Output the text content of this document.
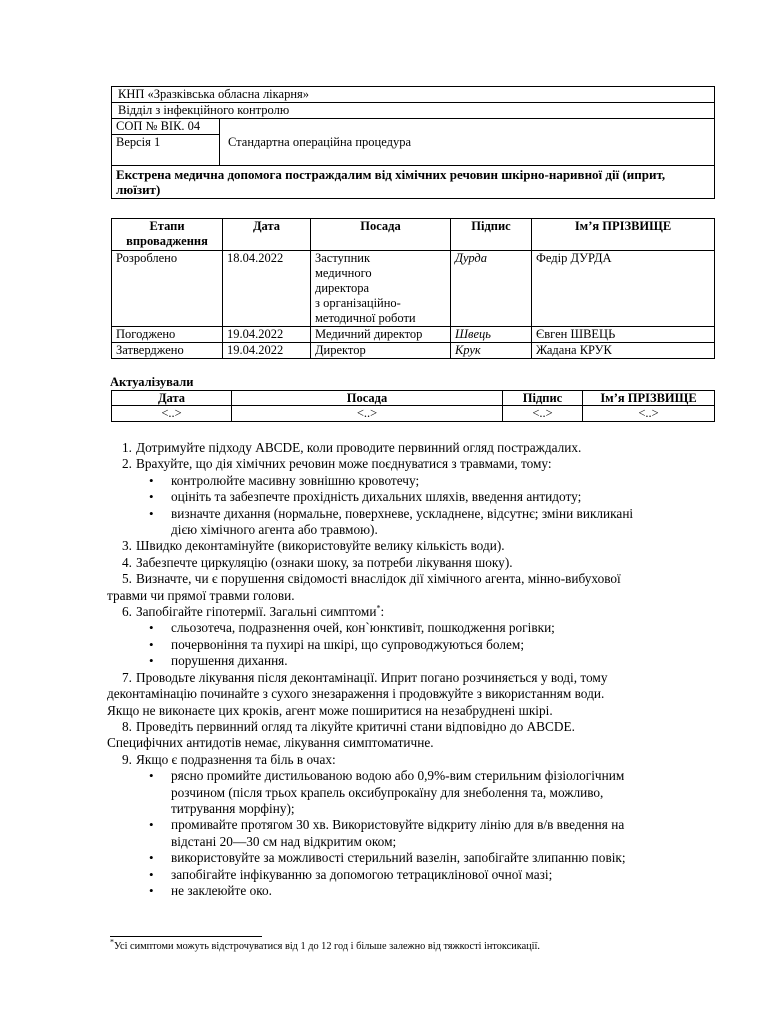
КНП «Зразківська обласна лікарня»
Відділ з інфекційного контролю
СОП № ВІК. 04	Стандартна операційна процедура
Версія 1
Екстрена медична допомога постраждалим від хімічних речовин шкірно-наривної дії (иприт, люїзит)
Етапи впровадження	Дата	Посада	Підпис	Ім’я ПРІЗВИЩЕ
Розроблено	18.04.2022	Заступник
медичного
директора
з організаційно-
методичної роботи	Дурда	Федір ДУРДА
Погоджено	19.04.2022	Медичний директор	Швець	Євген ШВЕЦЬ
Затверджено	19.04.2022	Директор	Крук	Жадана КРУК
Актуалізували
Дата	Посада	Підпис	Ім’я ПРІЗВИЩЕ
<..>	<..>	<..>	<..>

1. Дотримуйте підходу ABCDE, коли проводите первинний огляд постраждалих.

2. Врахуйте, що дія хімічних речовин може поєднуватися з травмами, тому:

• контролюйте масивну зовнішню кровотечу;

• оцініть та забезпечте прохідність дихальних шляхів, введення антидоту;

• визначте дихання (нормальне, поверхневе, ускладнене, відсутнє; зміни викликані
дією хімічного агента або травмою).

3. Швидко деконтамінуйте (використовуйте велику кількість води).

4. Забезпечте циркуляцію (ознаки шоку, за потреби лікування шоку).

5. Визначте, чи є порушення свідомості внаслідок дії хімічного агента, мінно-вибухової
травми чи прямої травми голови.

6. Запобігайте гіпотермії. Загальні симптоми*:

• сльозотеча, подразнення очей, кон`юнктивіт, пошкодження рогівки;

• почервоніння та пухирі на шкірі, що супроводжуються болем;

• порушення дихання.

7. Проводьте лікування після деконтамінації. Иприт погано розчиняється у воді, тому
деконтамінацію починайте з сухого знезараження і продовжуйте з використанням води.
Якщо не виконаєте цих кроків, агент може поширитися на незабруднені шкірі.

8. Проведіть первинний огляд та лікуйте критичні стани відповідно до ABCDE.
Специфічних антидотів немає, лікування симптоматичне.

9. Якщо є подразнення та біль в очах:

• рясно промийте дистильованою водою або 0,9%-вим стерильним фізіологічним
розчином (після трьох крапель оксибупрокаїну для знеболення та, можливо,
титрування морфіну);

• промивайте протягом 30 хв. Використовуйте відкриту лінію для в/в введення на
відстані 20—30 см над відкритим оком;

• використовуйте за можливості стерильний вазелін, запобігайте злипанню повік;

• запобігайте інфікуванню за допомогою тетрациклінової очної мазі;

• не заклеюйте око.

*Усі симптоми можуть відстрочуватися від 1 до 12 год і більше залежно від тяжкості інтоксикації.
